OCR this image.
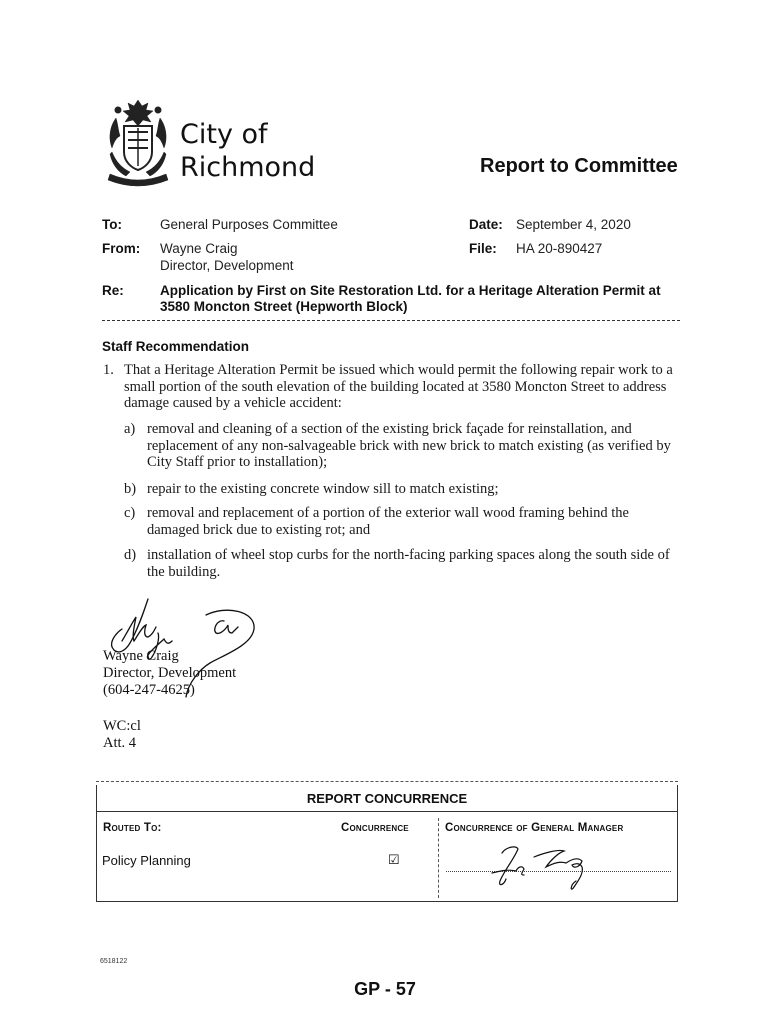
City of
Richmond	Report to Committee
To:	General Purposes Committee	Date: September 4, 2020
From: Wayne Craig
Director, Development
File: HA 20-890427
Re:	Application by First on Site Restoration Ltd. for a Heritage Alteration Permit at 3580 Moncton Street (Hepworth Block)
Staff Recommendation
1. That a Heritage Alteration Permit be issued which would permit the following repair work to a small portion of the south elevation of the building located at 3580 Moncton Street to address damage caused by a vehicle accident:
a) removal and cleaning of a section of the existing brick façade for reinstallation, and replacement of any non-salvageable brick with new brick to match existing (as verified by City Staff prior to installation);
b) repair to the existing concrete window sill to match existing;
c) removal and replacement of a portion of the exterior wall wood framing behind the damaged brick due to existing rot; and
d) installation of wheel stop curbs for the north-facing parking spaces along the south side of the building.
Wayne Craig
Director, Development
(604-247-4625)
WC:cl
Att. 4
REPORT CONCURRENCE
Routed To:	Concurrence	Concurrence of General Manager
Policy Planning	☑
6518122
GP - 57
